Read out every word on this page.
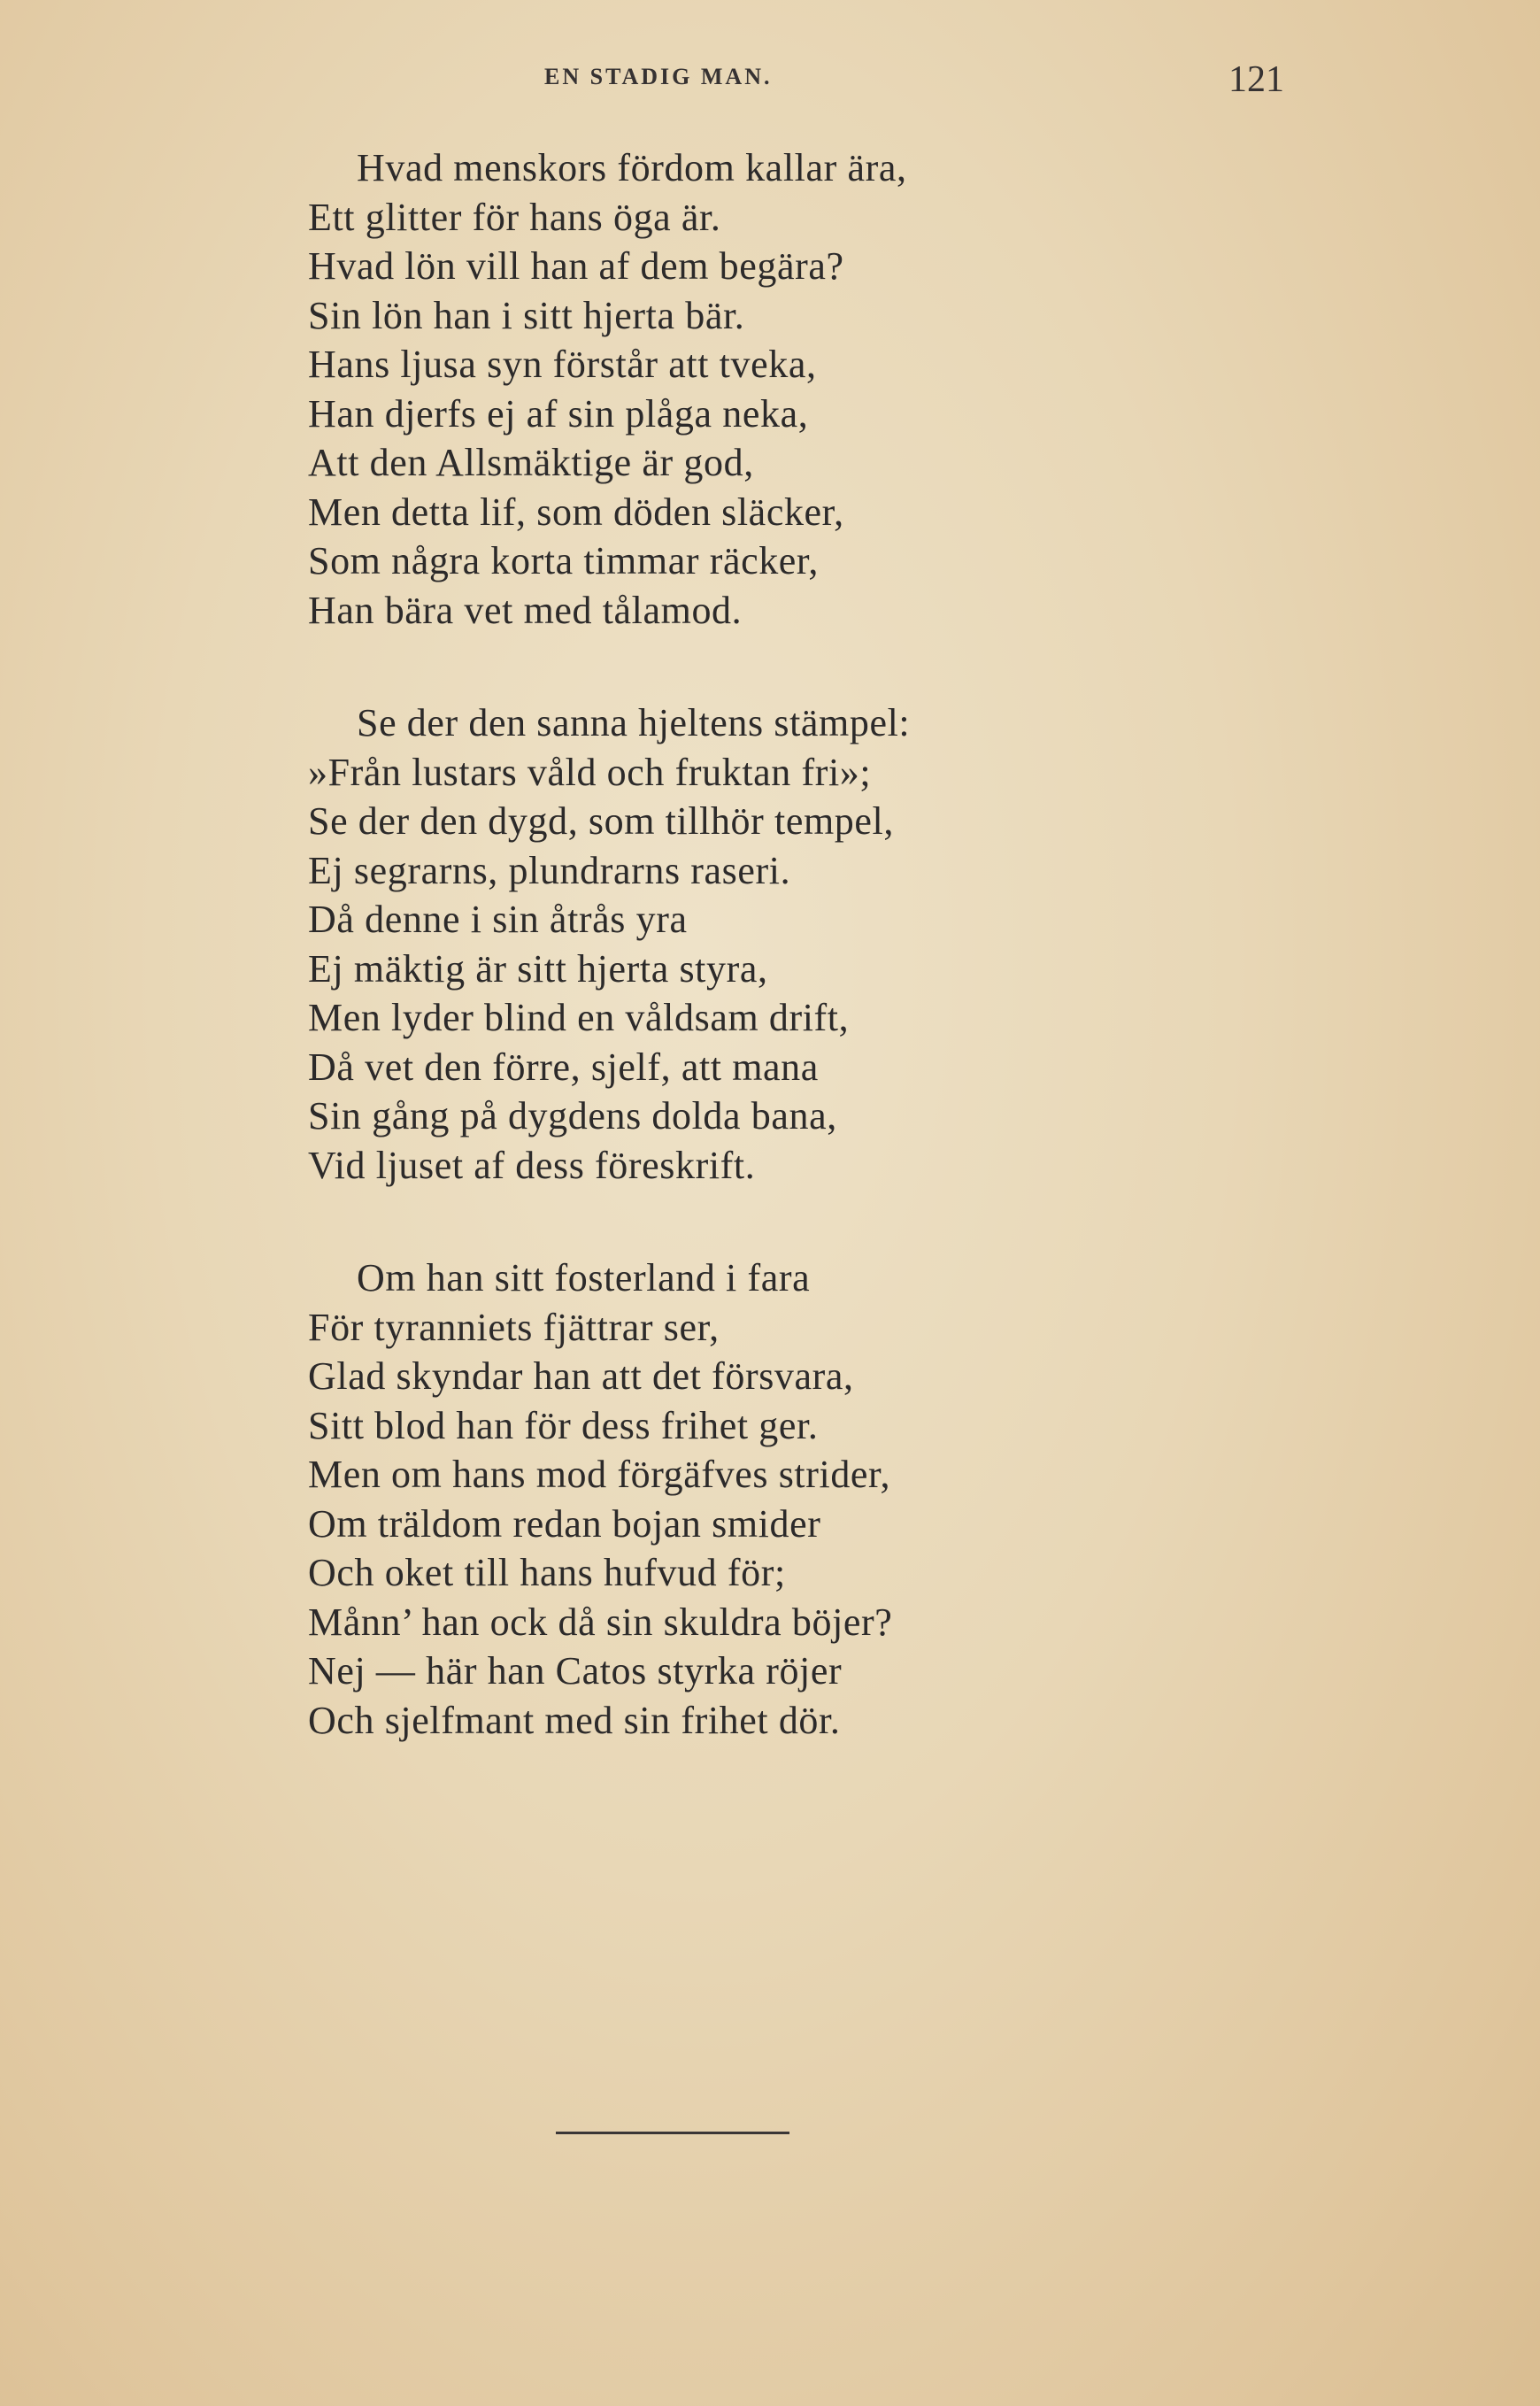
EN STADIG MAN.	121
Hvad menskors fördom kallar ära,
Ett glitter för hans öga är.
Hvad lön vill han af dem begära?
Sin lön han i sitt hjerta bär.
Hans ljusa syn förstår att tveka,
Han djerfs ej af sin plåga neka,
Att den Allsmäktige är god,
Men detta lif, som döden släcker,
Som några korta timmar räcker,
Han bära vet med tålamod.
Se der den sanna hjeltens stämpel:
»Från lustars våld och fruktan fri»;
Se der den dygd, som tillhör tempel,
Ej segrarns, plundrarns raseri.
Då denne i sin åtrås yra
Ej mäktig är sitt hjerta styra,
Men lyder blind en våldsam drift,
Då vet den förre, sjelf, att mana
Sin gång på dygdens dolda bana,
Vid ljuset af dess föreskrift.
Om han sitt fosterland i fara
För tyranniets fjättrar ser,
Glad skyndar han att det försvara,
Sitt blod han för dess frihet ger.
Men om hans mod förgäfves strider,
Om träldom redan bojan smider
Och oket till hans hufvud för;
Månn’ han ock då sin skuldra böjer?
Nej — här han Catos styrka röjer
Och sjelfmant med sin frihet dör.
